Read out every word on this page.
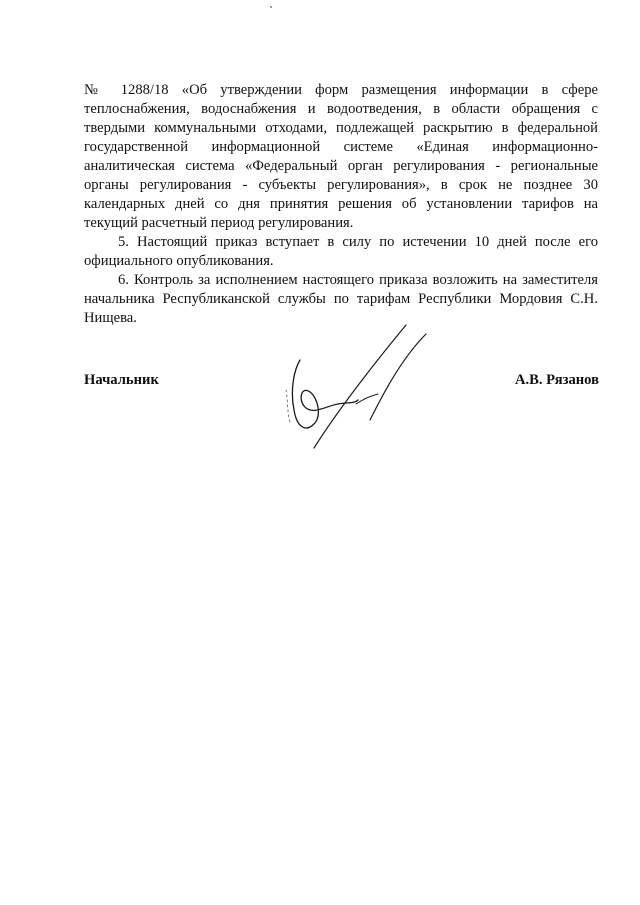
№ 1288/18 «Об утверждении форм размещения информации в сфере теплоснабжения, водоснабжения и водоотведения, в области обращения с твердыми коммунальными отходами, подлежащей раскрытию в федеральной государственной информационной системе «Единая информационно-аналитическая система «Федеральный орган регулирования - региональные органы регулирования - субъекты регулирования», в срок не позднее 30 календарных дней со дня принятия решения об установлении тарифов на текущий расчетный период регулирования.

5. Настоящий приказ вступает в силу по истечении 10 дней после его официального опубликования.

6. Контроль за исполнением настоящего приказа возложить на заместителя начальника Республиканской службы по тарифам Республики Мордовия С.Н. Нищева.

Начальник	А.В. Рязанов
